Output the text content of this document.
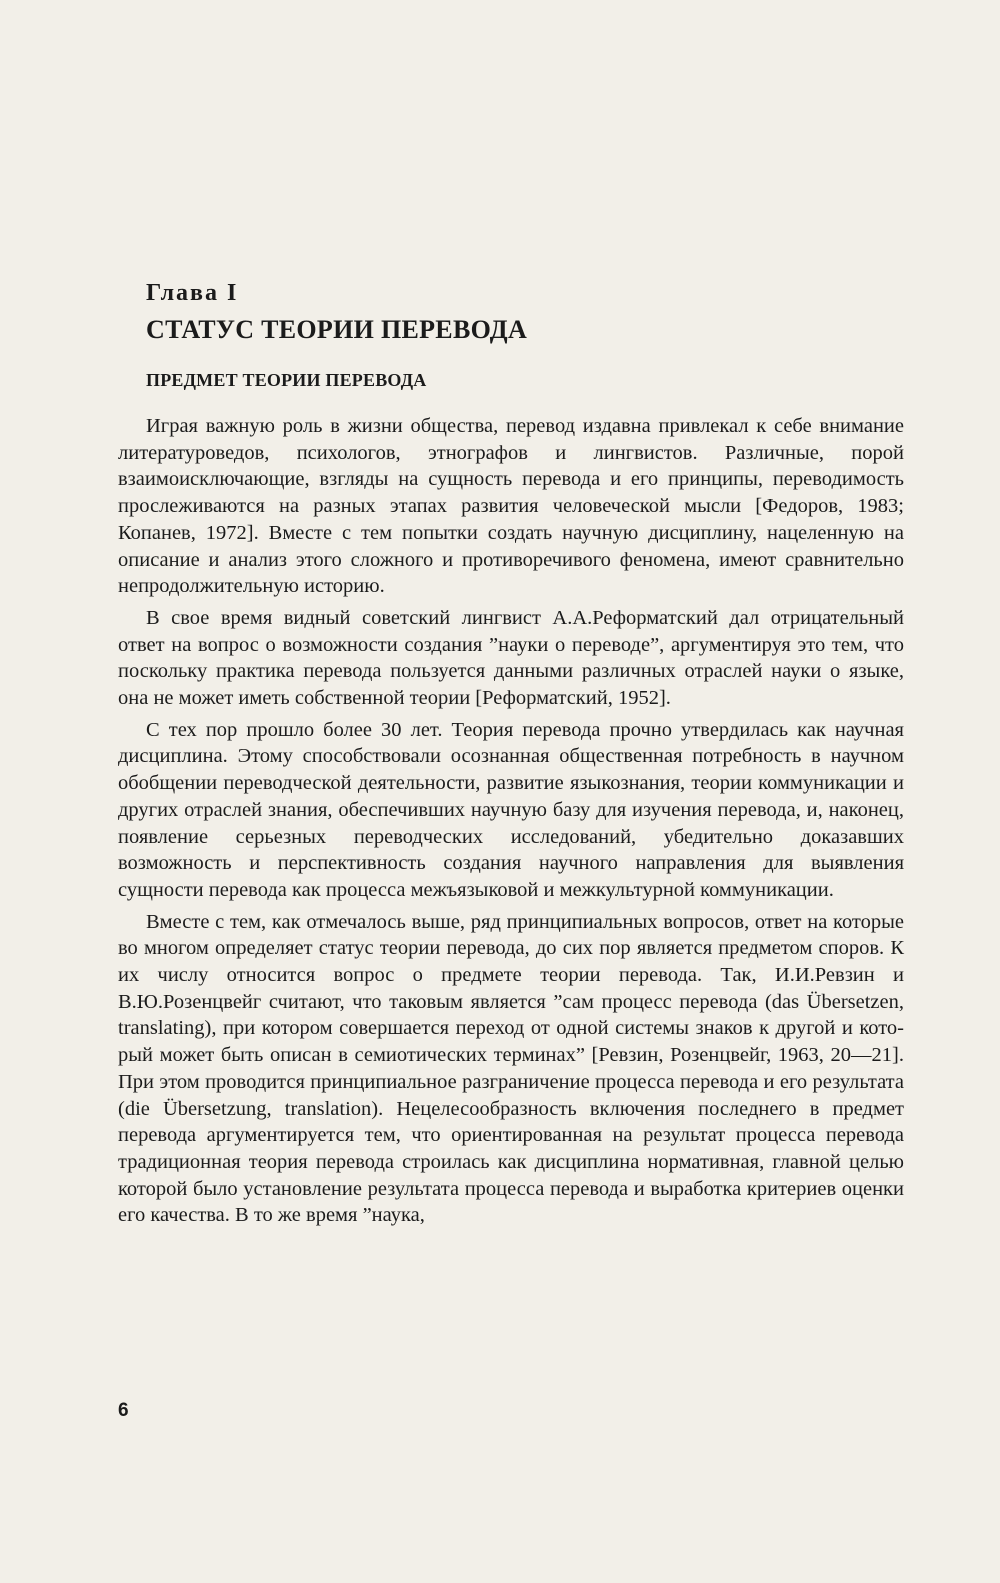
Глава I

СТАТУС ТЕОРИИ ПЕРЕВОДА

ПРЕДМЕТ ТЕОРИИ ПЕРЕВОДА

Играя важную роль в жизни общества, перевод издавна привлекал к себе внимание литературоведов, психологов, этнографов и лингвистов. Различные, порой взаимоисключающие, взгляды на сущность перевода и его принципы, переводимость прослеживаются на разных этапах развития человеческой мысли [Федоров, 1983; Копанев, 1972]. Вместе с тем попытки создать научную дисциплину, нацеленную на описание и анализ этого сложного и противоречивого феномена, имеют сравнительно непродолжительную историю.

В свое время видный советский лингвист А.А.Реформатский дал отрицательный ответ на вопрос о возможности создания ”науки о переводе”, аргументируя это тем, что поскольку практика перевода пользуется данными различных отраслей науки о языке, она не может иметь собственной теории [Реформатский, 1952].

С тех пор прошло более 30 лет. Теория перевода прочно утвердилась как научная дисциплина. Этому способствовали осознанная общественная потребность в научном обобщении переводческой деятельности, развитие языкознания, теории коммуникации и других отраслей знания, обеспечивших научную базу для изучения перевода, и, наконец, появление серьезных переводческих исследований, убедительно доказавших возможность и перспективность создания научного направления для выявления сущности перевода как процесса межъязыковой и межкультурной коммуникации.

Вместе с тем, как отмечалось выше, ряд принципиальных вопросов, ответ на которые во многом определяет статус теории перевода, до сих пор является предметом споров. К их числу относится вопрос о предмете теории перевода. Так, И.И.Ревзин и В.Ю.Розенцвейг считают, что таковым является ”сам процесс перевода (das Übersetzen, translating), при котором совершается переход от одной системы знаков к другой и который может быть описан в семиотических терминах” [Ревзин, Розенцвейг, 1963, 20—21]. При этом проводится принципиальное разграничение процесса перевода и его результата (die Übersetzung, translation). Нецелесообразность включения последнего в предмет перевода аргументируется тем, что ориентированная на результат процесса перевода традиционная теория перевода строилась как дисциплина нормативная, главной целью которой было установление результата процесса перевода и выработка критериев оценки его качества. В то же время ”наука,

6
